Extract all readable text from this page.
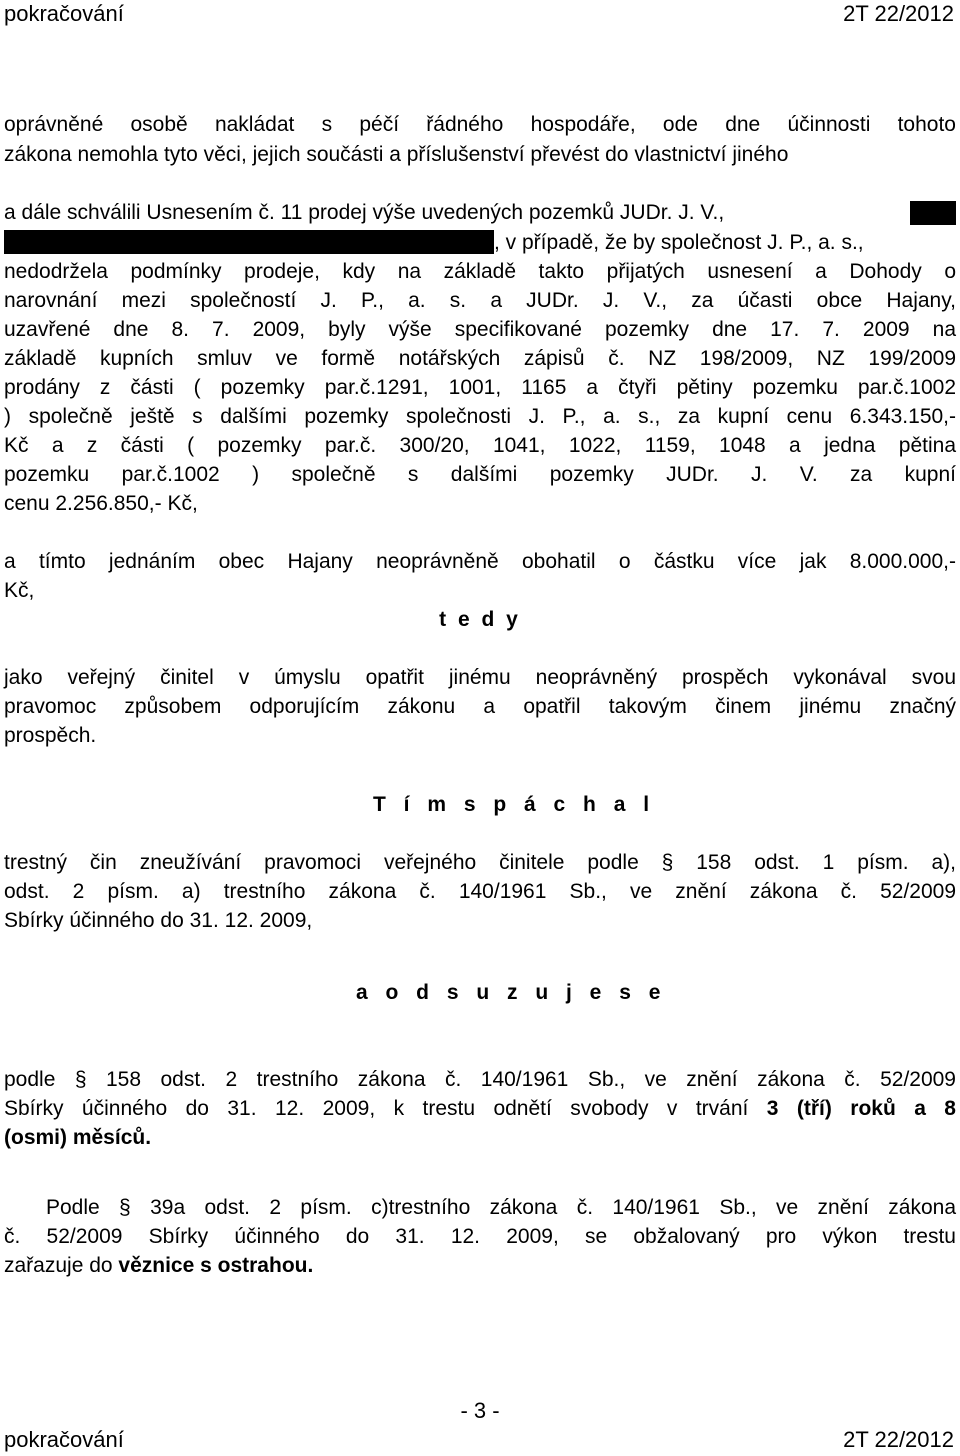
pokračování	2T 22/2012
oprávněné osobě nakládat s péčí řádného hospodáře, ode dne účinnosti tohoto
zákona nemohla tyto věci, jejich součásti a příslušenství převést do vlastnictví jiného
a dále schválili Usnesením č. 11 prodej výše uvedených pozemků JUDr. J. V.,
, v případě, že by společnost J. P., a. s.,
nedodržela podmínky prodeje, kdy na základě takto přijatých usnesení a Dohody o
narovnání mezi společností J. P., a. s. a JUDr. J. V., za účasti obce Hajany,
uzavřené dne 8. 7. 2009, byly výše specifikované pozemky dne 17. 7. 2009 na
základě kupních smluv ve formě notářských zápisů č. NZ 198/2009, NZ 199/2009
prodány z části ( pozemky par.č.1291, 1001, 1165 a čtyři pětiny pozemku par.č.1002
) společně ještě s dalšími pozemky společnosti J. P., a. s., za kupní cenu 6.343.150,-
Kč a z části ( pozemky par.č. 300/20, 1041, 1022, 1159, 1048 a jedna pětina
pozemku par.č.1002 ) společně s dalšími pozemky JUDr. J. V. za kupní
cenu 2.256.850,- Kč,
a tímto jednáním obec Hajany neoprávněně obohatil o částku více jak 8.000.000,-
Kč,
t e d y
jako veřejný činitel v úmyslu opatřit jinému neoprávněný prospěch vykonával svou
pravomoc způsobem odporujícím zákonu a opatřil takovým činem jinému značný
prospěch.
T í m s p á c h a l
trestný čin zneužívání pravomoci veřejného činitele podle § 158 odst. 1 písm. a),
odst. 2 písm. a) trestního zákona č. 140/1961 Sb., ve znění zákona č. 52/2009
Sbírky účinného do 31. 12. 2009,
a o d s u z u j e s e
podle § 158 odst. 2 trestního zákona č. 140/1961 Sb., ve znění zákona č. 52/2009
Sbírky účinného do 31. 12. 2009, k trestu odnětí svobody v trvání 3 (tří) roků a 8
(osmi) měsíců.
Podle § 39a odst. 2 písm. c)trestního zákona č. 140/1961 Sb., ve znění zákona
č. 52/2009 Sbírky účinného do 31. 12. 2009, se obžalovaný pro výkon trestu
zařazuje do věznice s ostrahou.
- 3 -
pokračování	2T 22/2012
